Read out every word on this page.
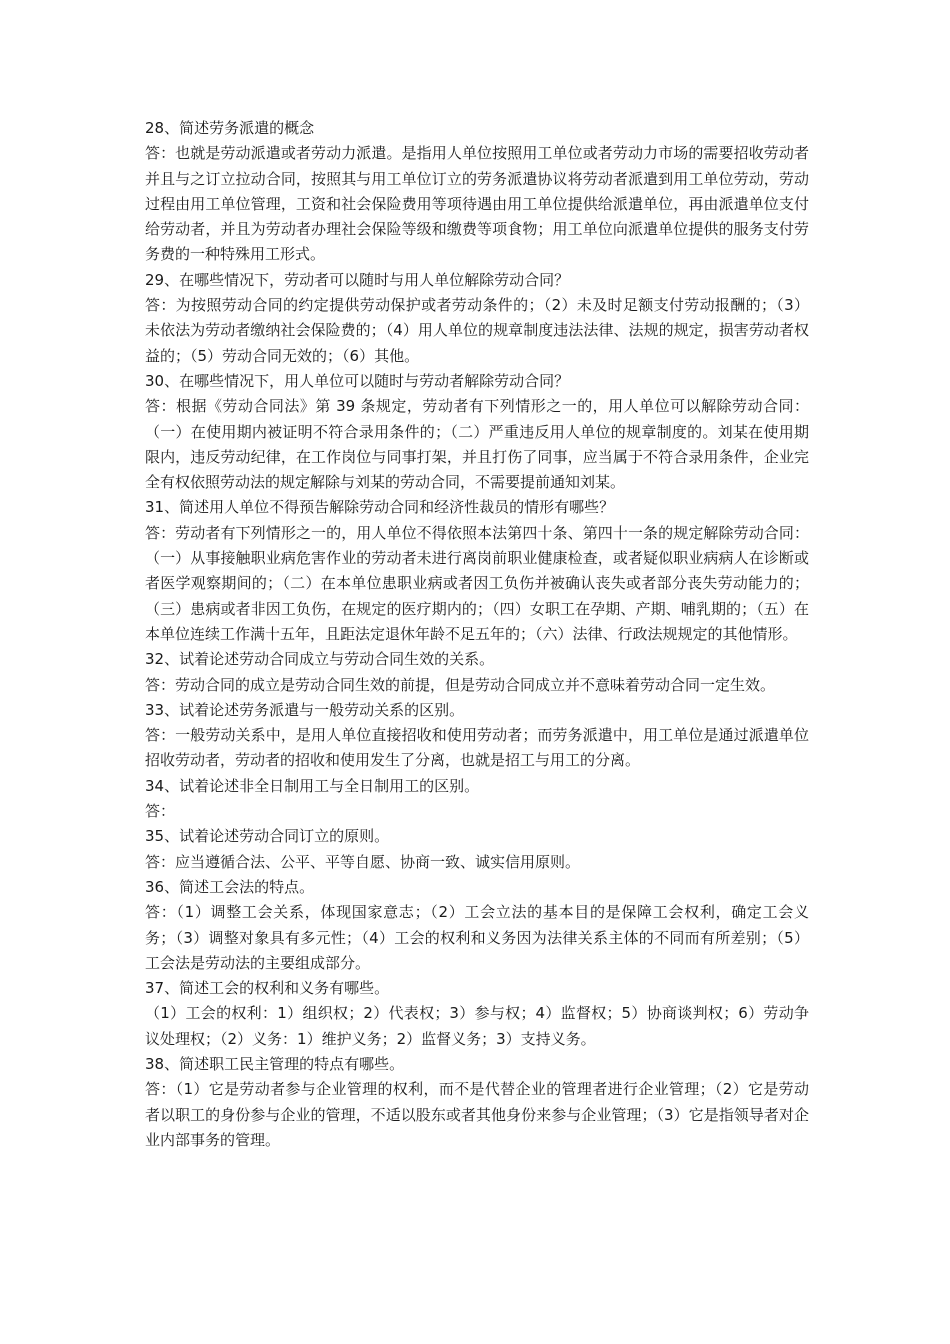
28、简述劳务派遣的概念

答：也就是劳动派遣或者劳动力派遣。是指用人单位按照用工单位或者劳动力市场的需要招收劳动者并且与之订立拉动合同，按照其与用工单位订立的劳务派遣协议将劳动者派遣到用工单位劳动，劳动过程由用工单位管理，工资和社会保险费用等项待遇由用工单位提供给派遣单位，再由派遣单位支付给劳动者，并且为劳动者办理社会保险等级和缴费等项食物；用工单位向派遣单位提供的服务支付劳务费的一种特殊用工形式。

29、在哪些情况下，劳动者可以随时与用人单位解除劳动合同？

答：为按照劳动合同的约定提供劳动保护或者劳动条件的；（2）未及时足额支付劳动报酬的；（3）未依法为劳动者缴纳社会保险费的；（4）用人单位的规章制度违法法律、法规的规定，损害劳动者权益的；（5）劳动合同无效的；（6）其他。

30、在哪些情况下，用人单位可以随时与劳动者解除劳动合同？

答：根据《劳动合同法》第 39 条规定，劳动者有下列情形之一的，用人单位可以解除劳动合同：（一）在使用期内被证明不符合录用条件的；（二）严重违反用人单位的规章制度的。刘某在使用期限内，违反劳动纪律，在工作岗位与同事打架，并且打伤了同事，应当属于不符合录用条件，企业完全有权依照劳动法的规定解除与刘某的劳动合同，不需要提前通知刘某。

31、简述用人单位不得预告解除劳动合同和经济性裁员的情形有哪些？

答：劳动者有下列情形之一的，用人单位不得依照本法第四十条、第四十一条的规定解除劳动合同：（一）从事接触职业病危害作业的劳动者未进行离岗前职业健康检查，或者疑似职业病病人在诊断或者医学观察期间的；（二）在本单位患职业病或者因工负伤并被确认丧失或者部分丧失劳动能力的；（三）患病或者非因工负伤，在规定的医疗期内的；（四）女职工在孕期、产期、哺乳期的；（五）在本单位连续工作满十五年，且距法定退休年龄不足五年的；（六）法律、行政法规规定的其他情形。

32、试着论述劳动合同成立与劳动合同生效的关系。

答：劳动合同的成立是劳动合同生效的前提，但是劳动合同成立并不意味着劳动合同一定生效。

33、试着论述劳务派遣与一般劳动关系的区别。

答：一般劳动关系中，是用人单位直接招收和使用劳动者；而劳务派遣中，用工单位是通过派遣单位招收劳动者，劳动者的招收和使用发生了分离，也就是招工与用工的分离。

34、试着论述非全日制用工与全日制用工的区别。

答：

35、试着论述劳动合同订立的原则。

答：应当遵循合法、公平、平等自愿、协商一致、诚实信用原则。

36、简述工会法的特点。

答：（1）调整工会关系，体现国家意志；（2）工会立法的基本目的是保障工会权利，确定工会义务；（3）调整对象具有多元性；（4）工会的权利和义务因为法律关系主体的不同而有所差别；（5）工会法是劳动法的主要组成部分。

37、简述工会的权利和义务有哪些。

（1）工会的权利：1）组织权；2）代表权；3）参与权；4）监督权；5）协商谈判权；6）劳动争议处理权；（2）义务：1）维护义务；2）监督义务；3）支持义务。

38、简述职工民主管理的特点有哪些。

答：（1）它是劳动者参与企业管理的权利，而不是代替企业的管理者进行企业管理；（2）它是劳动者以职工的身份参与企业的管理，不适以股东或者其他身份来参与企业管理；（3）它是指领导者对企业内部事务的管理。
